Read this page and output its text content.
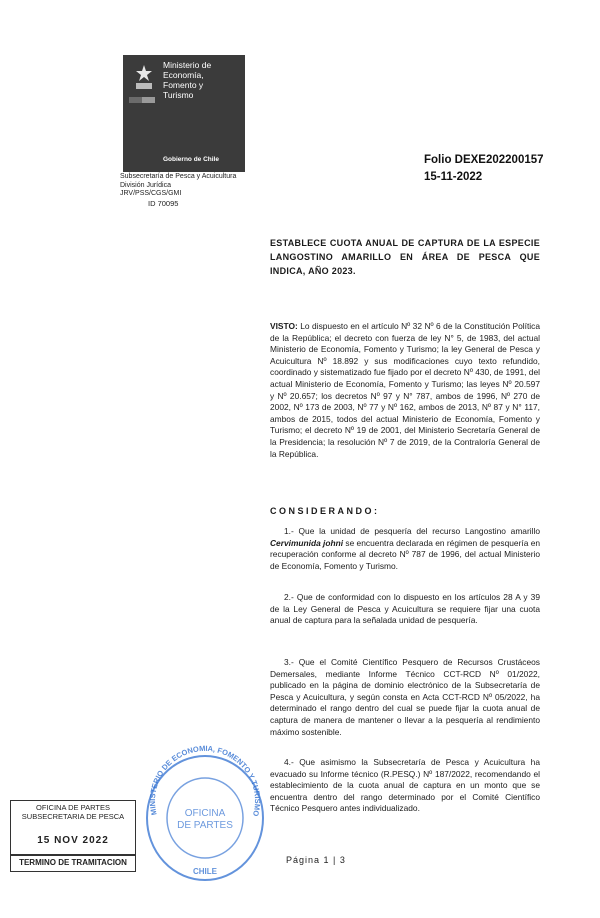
Ministerio de
Economía,
Fomento y
Turismo
Gobierno de Chile
Subsecretaría de Pesca y Acuicultura
División Jurídica
JRV/PSS/CGS/GMI
ID 70095
Folio DEXE202200157
15-11-2022
ESTABLECE CUOTA ANUAL DE CAPTURA DE LA ESPECIE LANGOSTINO AMARILLO EN ÁREA DE PESCA QUE INDICA, AÑO 2023.
VISTO: Lo dispuesto en el artículo Nº 32 Nº 6 de la Constitución Política de la República; el decreto con fuerza de ley N° 5, de 1983, del actual Ministerio de Economía, Fomento y Turismo; la ley General de Pesca y Acuicultura Nº 18.892 y sus modificaciones cuyo texto refundido, coordinado y sistematizado fue fijado por el decreto Nº 430, de 1991, del actual Ministerio de Economía, Fomento y Turismo; las leyes Nº 20.597 y Nº 20.657; los decretos Nº 97 y N° 787, ambos de 1996, Nº 270 de 2002, Nº 173 de 2003, Nº 77 y Nº 162, ambos de 2013, Nº 87 y N° 117, ambos de 2015, todos del actual Ministerio de Economía, Fomento y Turismo; el decreto Nº 19 de 2001, del Ministerio Secretaría General de la Presidencia; la resolución Nº 7 de 2019, de la Contraloría General de la República.
CONSIDERANDO:
1.- Que la unidad de pesquería del recurso Langostino amarillo Cervimunida johni se encuentra declarada en régimen de pesquería en recuperación conforme al decreto Nº 787 de 1996, del actual Ministerio de Economía, Fomento y Turismo.
2.- Que de conformidad con lo dispuesto en los artículos 28 A y 39 de la Ley General de Pesca y Acuicultura se requiere fijar una cuota anual de captura para la señalada unidad de pesquería.
3.- Que el Comité Científico Pesquero de Recursos Crustáceos Demersales, mediante Informe Técnico CCT-RCD Nº 01/2022, publicado en la página de dominio electrónico de la Subsecretaría de Pesca y Acuicultura, y según consta en Acta CCT-RCD Nº 05/2022, ha determinado el rango dentro del cual se puede fijar la cuota anual de captura de manera de mantener o llevar a la pesquería al rendimiento máximo sostenible.
4.- Que asimismo la Subsecretaría de Pesca y Acuicultura ha evacuado su Informe técnico (R.PESQ.) Nº 187/2022, recomendando el establecimiento de la cuota anual de captura en un monto que se encuentra dentro del rango determinado por el Comité Científico Técnico Pesquero antes individualizado.
OFICINA DE PARTES
SUBSECRETARIA DE PESCA
15 NOV 2022
TERMINO DE TRAMITACION
MINISTERIO DE ECONOMIA, FOMENTO Y TURISMO
OFICINA
DE PARTES
CHILE
Página 1 | 3
